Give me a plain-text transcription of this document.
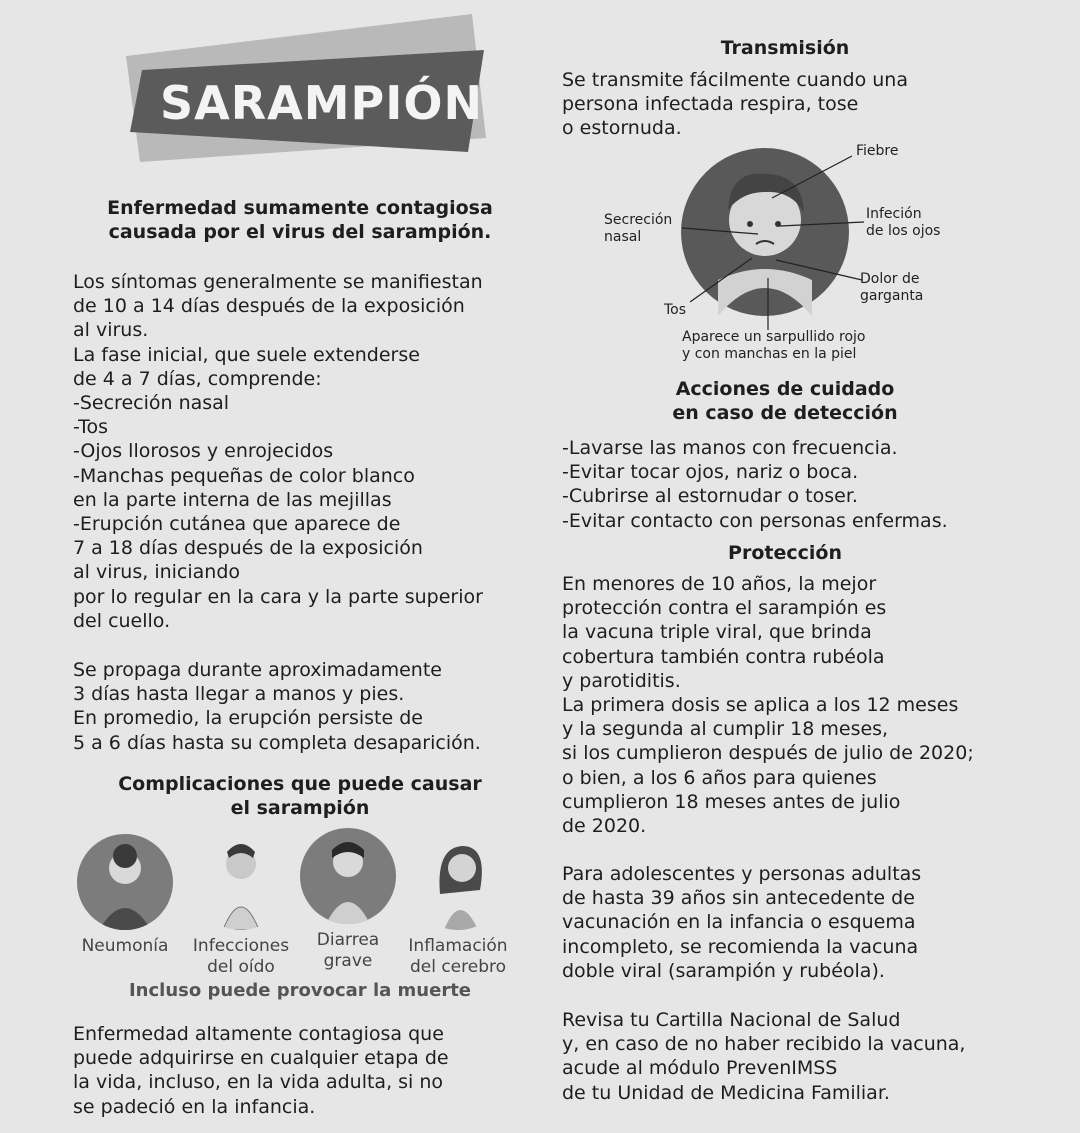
SARAMPIÓN
Enfermedad sumamente contagiosa
causada por el virus del sarampión.
Los síntomas generalmente se manifiestan
de 10 a 14 días después de la exposición
al virus.
La fase inicial, que suele extenderse
de 4 a 7 días, comprende:
-Secreción nasal
-Tos
-Ojos llorosos y enrojecidos
-Manchas pequeñas de color blanco
en la parte interna de las mejillas
-Erupción cutánea que aparece de
7 a 18 días después de la exposición
al virus, iniciando
por lo regular en la cara y la parte superior
del cuello.
Se propaga durante aproximadamente
3 días hasta llegar a manos y pies.
En promedio, la erupción persiste de
5 a 6 días hasta su completa desaparición.
Complicaciones que puede causar
el sarampión
Neumonía	Infecciones
del oído
Diarrea
grave
Inflamación
del cerebro
Incluso puede provocar la muerte
Enfermedad altamente contagiosa que
puede adquirirse en cualquier etapa de
la vida, incluso, en la vida adulta, si no
se padeció en la infancia.
Transmisión
Se transmite fácilmente cuando una
persona infectada respira, tose
o estornuda.
Fiebre
Secreción
nasal
Infeción
de los ojos
Dolor de
garganta
Tos
Aparece un sarpullido rojo
y con manchas en la piel
Acciones de cuidado
en caso de detección
-Lavarse las manos con frecuencia.
-Evitar tocar ojos, nariz o boca.
-Cubrirse al estornudar o toser.
-Evitar contacto con personas enfermas.
Protección
En menores de 10 años, la mejor
protección contra el sarampión es
la vacuna triple viral, que brinda
cobertura también contra rubéola
y parotiditis.
La primera dosis se aplica a los 12 meses
y la segunda al cumplir 18 meses,
si los cumplieron después de julio de 2020;
o bien, a los 6 años para quienes
cumplieron 18 meses antes de julio
de 2020.
Para adolescentes y personas adultas
de hasta 39 años sin antecedente de
vacunación en la infancia o esquema
incompleto, se recomienda la vacuna
doble viral (sarampión y rubéola).
Revisa tu Cartilla Nacional de Salud
y, en caso de no haber recibido la vacuna,
acude al módulo PrevenIMSS
de tu Unidad de Medicina Familiar.
